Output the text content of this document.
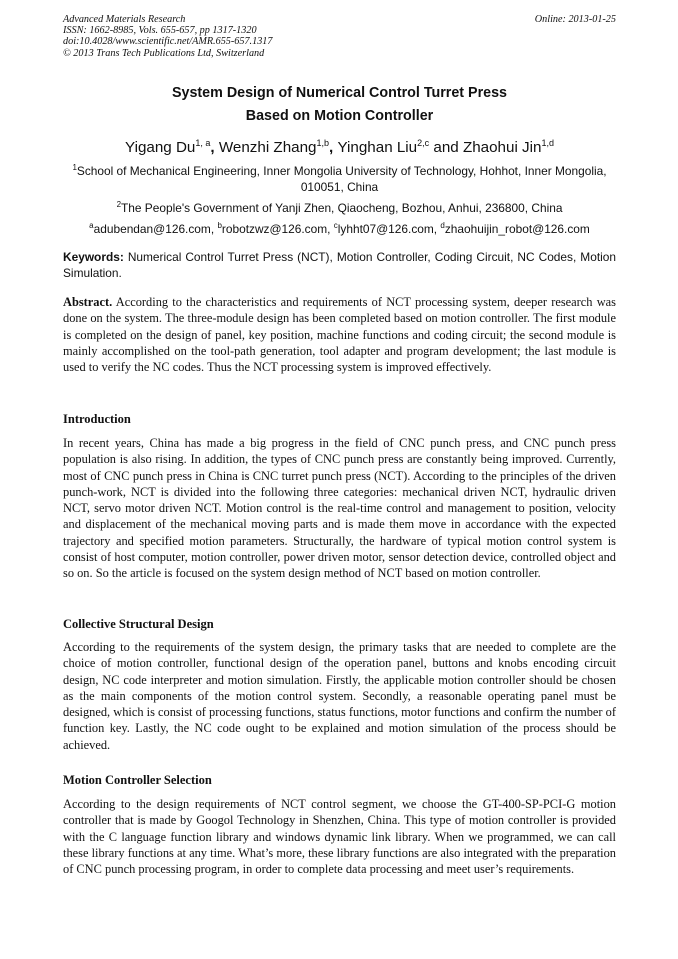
Advanced Materials Research
ISSN: 1662-8985, Vols. 655-657, pp 1317-1320
doi:10.4028/www.scientific.net/AMR.655-657.1317
© 2013 Trans Tech Publications Ltd, Switzerland
Online: 2013-01-25
System Design of Numerical Control Turret Press
Based on Motion Controller
Yigang Du$^{1, a}$, Wenzhi Zhang$^{1,b}$, Yinghan Liu$^{2,c}$ and Zhaohui Jin$^{1,d}$
$^1$School of Mechanical Engineering, Inner Mongolia University of Technology, Hohhot, Inner Mongolia, 010051, China
$^2$The People's Government of Yanji Zhen, Qiaocheng, Bozhou, Anhui, 236800, China
$^a$adubendan@126.com, $^b$robotzwz@126.com, $^c$lyhht07@126.com, $^d$zhaohuijin_robot@126.com
Keywords: Numerical Control Turret Press (NCT), Motion Controller, Coding Circuit, NC Codes, Motion Simulation.

Abstract. According to the characteristics and requirements of NCT processing system, deeper research was done on the system. The three-module design has been completed based on motion controller. The first module is completed on the design of panel, key position, machine functions and coding circuit; the second module is mainly accomplished on the tool-path generation, tool adapter and program development; the last module is used to verify the NC codes. Thus the NCT processing system is improved effectively.

Introduction

In recent years, China has made a big progress in the field of CNC punch press, and CNC punch press population is also rising. In addition, the types of CNC punch press are constantly being improved. Currently, most of CNC punch press in China is CNC turret punch press (NCT). According to the principles of the driven punch-work, NCT is divided into the following three categories: mechanical driven NCT, hydraulic driven NCT, servo motor driven NCT. Motion control is the real-time control and management to position, velocity and displacement of the mechanical moving parts and is made them move in accordance with the expected trajectory and specified motion parameters. Structurally, the hardware of typical motion control system is consist of host computer, motion controller, power driven motor, sensor detection device, controlled object and so on. So the article is focused on the system design method of NCT based on motion controller.

Collective Structural Design

According to the requirements of the system design, the primary tasks that are needed to complete are the choice of motion controller, functional design of the operation panel, buttons and knobs encoding circuit design, NC code interpreter and motion simulation. Firstly, the applicable motion controller should be chosen as the main components of the motion control system. Secondly, a reasonable operating panel must be designed, which is consist of processing functions, status functions, motor functions and confirm the number of function key. Lastly, the NC code ought to be explained and motion simulation of the process should be achieved.

Motion Controller Selection

According to the design requirements of NCT control segment, we choose the GT-400-SP-PCI-G motion controller that is made by Googol Technology in Shenzhen, China. This type of motion controller is provided with the C language function library and windows dynamic link library. When we programmed, we can call these library functions at any time. What’s more, these library functions are also integrated with the preparation of CNC punch processing program, in order to complete data processing and meet user’s requirements.
